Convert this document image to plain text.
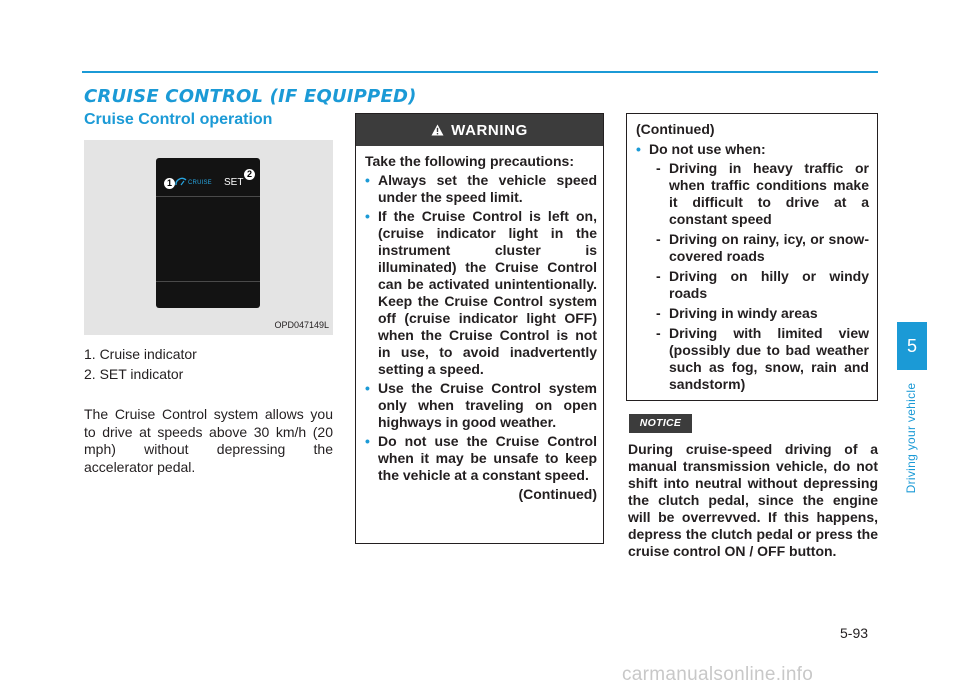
CRUISE CONTROL (IF EQUIPPED)
Cruise Control operation
1	CRUISE SET
2
OPD047149L

1. Cruise indicator

2. SET indicator

The Cruise Control system allows you to drive at speeds above 30 km/h (20 mph) without depressing the accelerator pedal.

WARNING

Take the following precautions:

• Always set the vehicle speed under the speed limit.

• If the Cruise Control is left on, (cruise indicator light in the instrument cluster is illuminated) the Cruise Control can be activated unintentionally. Keep the Cruise Control system off (cruise indicator light OFF) when the Cruise Control is not in use, to avoid inadvertently setting a speed.

• Use the Cruise Control system only when traveling on open highways in good weather.

• Do not use the Cruise Control when it may be unsafe to keep the vehicle at a constant speed.

(Continued)

(Continued)

• Do not use when:

- Driving in heavy traffic or when traffic conditions make it difficult to drive at a constant speed
- Driving on rainy, icy, or snow-covered roads
- Driving on hilly or windy roads
- Driving in windy areas
- Driving with limited view (possibly due to bad weather such as fog, snow, rain and sandstorm)
NOTICE

During cruise-speed driving of a manual transmission vehicle, do not shift into neutral without depressing the clutch pedal, since the engine will be overrevved. If this happens, depress the clutch pedal or press the cruise control ON / OFF button.

5
Driving your vehicle
5-93
carmanualsonline.info
